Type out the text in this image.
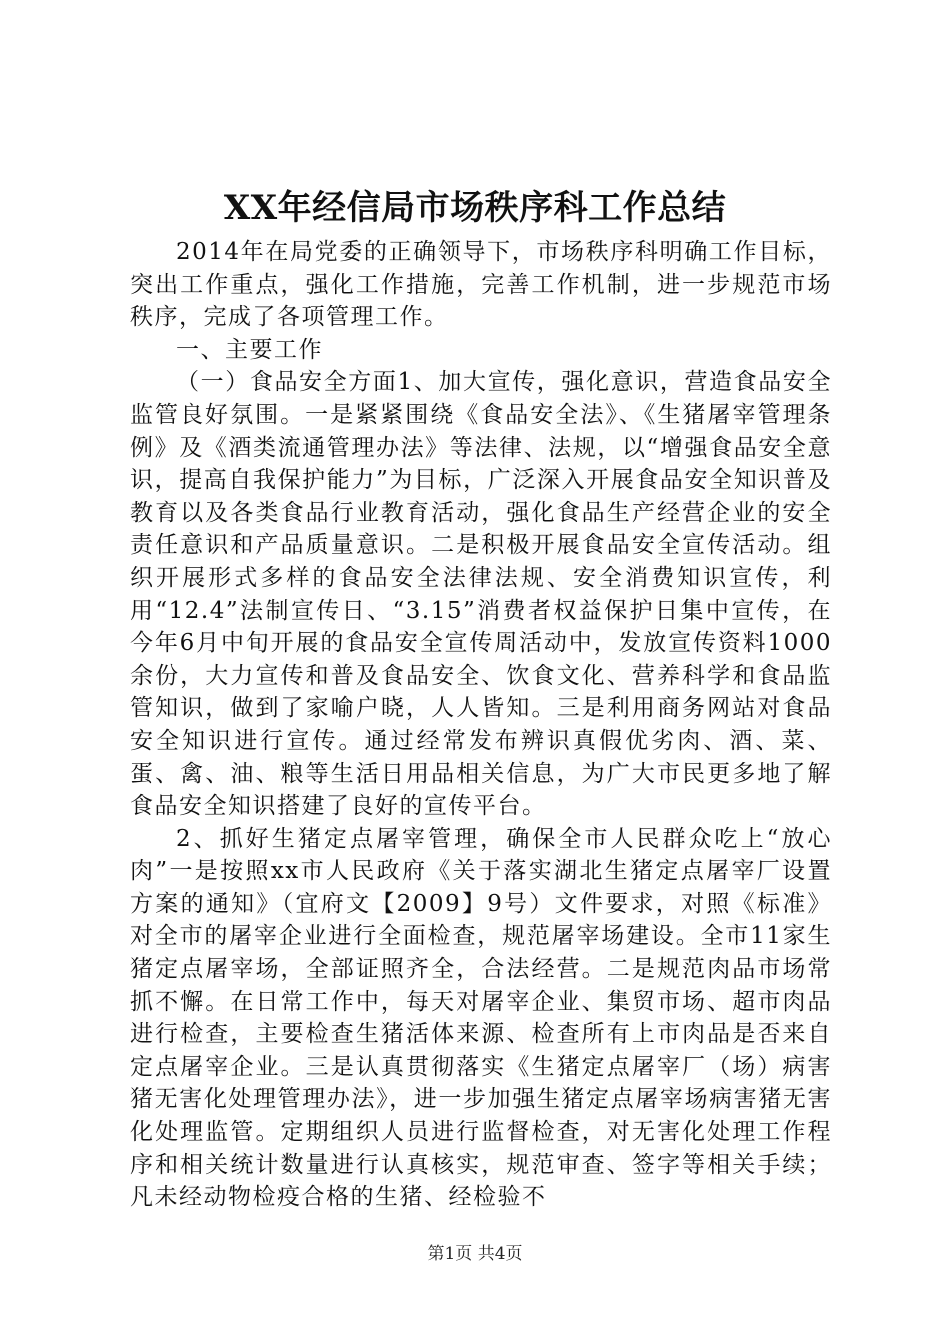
XX年经信局市场秩序科工作总结

2014年在局党委的正确领导下，市场秩序科明确工作目标，突出工作重点，强化工作措施，完善工作机制，进一步规范市场秩序，完成了各项管理工作。

一、主要工作

（一）食品安全方面1、加大宣传，强化意识，营造食品安全监管良好氛围。一是紧紧围绕《食品安全法》、《生猪屠宰管理条例》及《酒类流通管理办法》等法律、法规，以“增强食品安全意识，提高自我保护能力”为目标，广泛深入开展食品安全知识普及教育以及各类食品行业教育活动，强化食品生产经营企业的安全责任意识和产品质量意识。二是积极开展食品安全宣传活动。组织开展形式多样的食品安全法律法规、安全消费知识宣传，利用“12.4”法制宣传日、“3.15”消费者权益保护日集中宣传，在今年6月中旬开展的食品安全宣传周活动中，发放宣传资料1000余份，大力宣传和普及食品安全、饮食文化、营养科学和食品监管知识，做到了家喻户晓，人人皆知。三是利用商务网站对食品安全知识进行宣传。通过经常发布辨识真假优劣肉、酒、菜、蛋、禽、油、粮等生活日用品相关信息，为广大市民更多地了解食品安全知识搭建了良好的宣传平台。

2、抓好生猪定点屠宰管理，确保全市人民群众吃上“放心肉”一是按照xx市人民政府《关于落实湖北生猪定点屠宰厂设置方案的通知》（宜府文【2009】9号）文件要求，对照《标准》对全市的屠宰企业进行全面检查，规范屠宰场建设。全市11家生猪定点屠宰场，全部证照齐全，合法经营。二是规范肉品市场常抓不懈。在日常工作中，每天对屠宰企业、集贸市场、超市肉品进行检查，主要检查生猪活体来源、检查所有上市肉品是否来自定点屠宰企业。三是认真贯彻落实《生猪定点屠宰厂（场）病害猪无害化处理管理办法》，进一步加强生猪定点屠宰场病害猪无害化处理监管。定期组织人员进行监督检查，对无害化处理工作程序和相关统计数量进行认真核实，规范审查、签字等相关手续；凡未经动物检疫合格的生猪、经检验不

第1页 共4页
